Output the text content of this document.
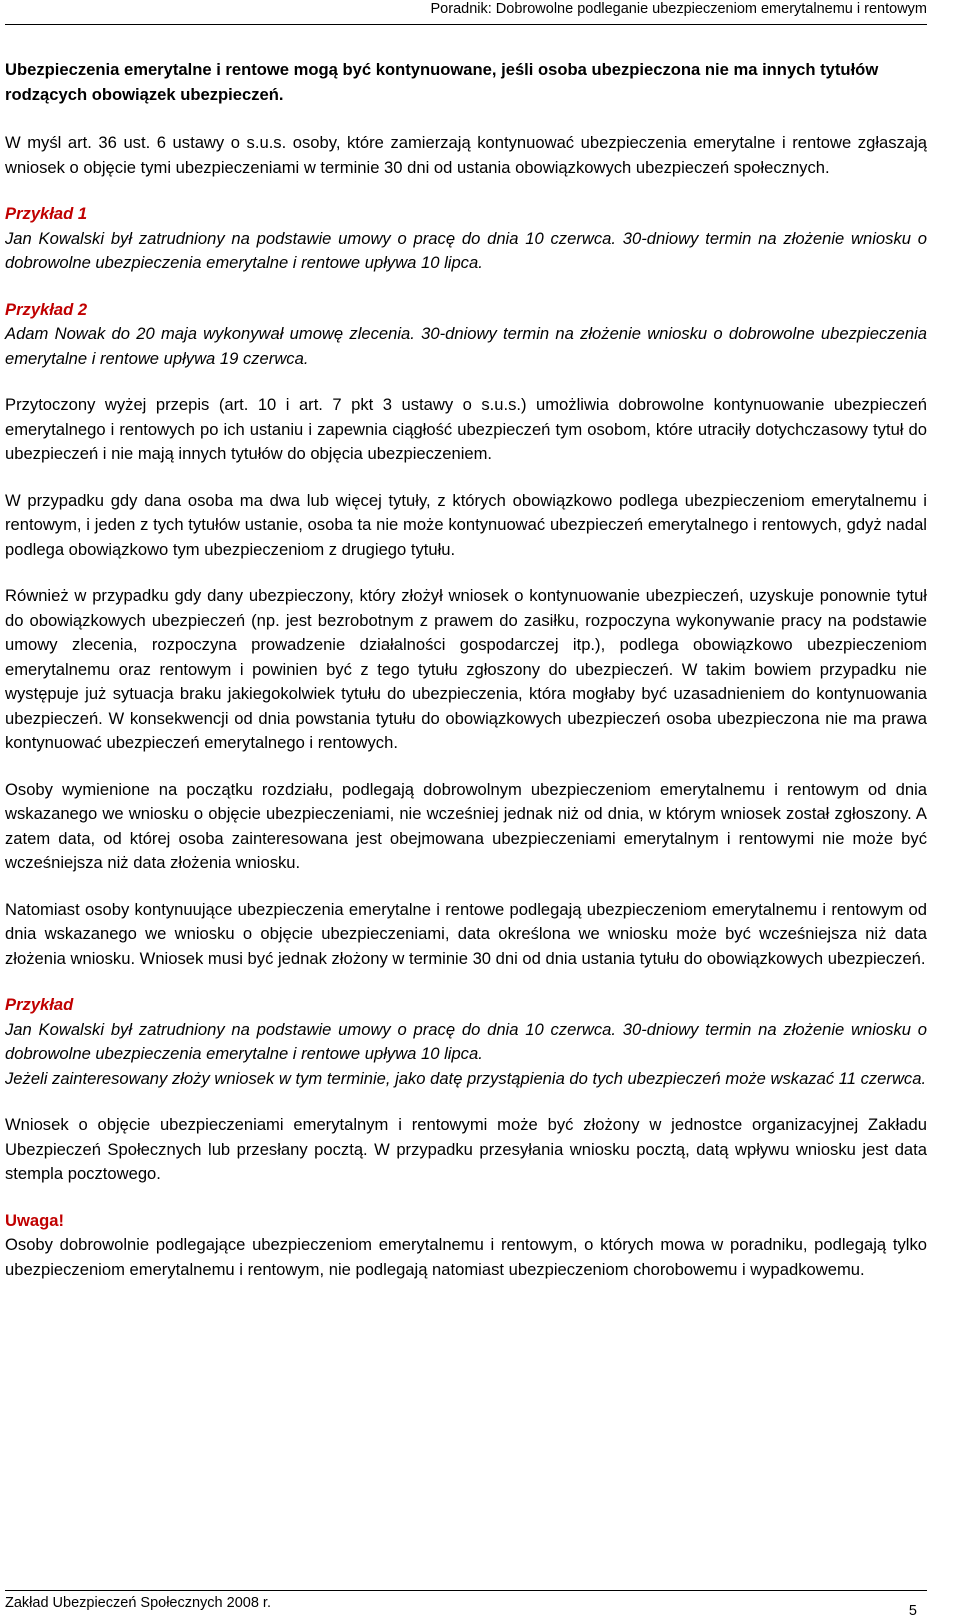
Poradnik: Dobrowolne podleganie ubezpieczeniom emerytalnemu i rentowym

Ubezpieczenia emerytalne i rentowe mogą być kontynuowane, jeśli osoba ubezpieczona nie ma innych tytułów rodzących obowiązek ubezpieczeń.

W myśl art. 36 ust. 6 ustawy o s.u.s. osoby, które zamierzają kontynuować ubezpieczenia emerytalne i rentowe zgłaszają wniosek o objęcie tymi ubezpieczeniami w terminie 30 dni od ustania obowiązkowych ubezpieczeń społecznych.

Przykład 1
Jan Kowalski był zatrudniony na podstawie umowy o pracę do dnia 10 czerwca. 30-dniowy termin na złożenie wniosku o dobrowolne ubezpieczenia emerytalne i rentowe upływa 10 lipca.
Przykład 2
Adam Nowak do 20 maja wykonywał umowę zlecenia. 30-dniowy termin na złożenie wniosku o dobrowolne ubezpieczenia emerytalne i rentowe upływa 19 czerwca.

Przytoczony wyżej przepis (art. 10 i art. 7 pkt 3 ustawy o s.u.s.) umożliwia dobrowolne kontynuowanie ubezpieczeń emerytalnego i rentowych po ich ustaniu i zapewnia ciągłość ubezpieczeń tym osobom, które utraciły dotychczasowy tytuł do ubezpieczeń i nie mają innych tytułów do objęcia ubezpieczeniem.

W przypadku gdy dana osoba ma dwa lub więcej tytuły, z których obowiązkowo podlega ubezpieczeniom emerytalnemu i rentowym, i jeden z tych tytułów ustanie, osoba ta nie może kontynuować ubezpieczeń emerytalnego i rentowych, gdyż nadal podlega obowiązkowo tym ubezpieczeniom z drugiego tytułu.

Również w przypadku gdy dany ubezpieczony, który złożył wniosek o kontynuowanie ubezpieczeń, uzyskuje ponownie tytuł do obowiązkowych ubezpieczeń (np. jest bezrobotnym z prawem do zasiłku, rozpoczyna wykonywanie pracy na podstawie umowy zlecenia, rozpoczyna prowadzenie działalności gospodarczej itp.), podlega obowiązkowo ubezpieczeniom emerytalnemu oraz rentowym i powinien być z tego tytułu zgłoszony do ubezpieczeń. W takim bowiem przypadku nie występuje już sytuacja braku jakiegokolwiek tytułu do ubezpieczenia, która mogłaby być uzasadnieniem do kontynuowania ubezpieczeń. W konsekwencji od dnia powstania tytułu do obowiązkowych ubezpieczeń osoba ubezpieczona nie ma prawa kontynuować ubezpieczeń emerytalnego i rentowych.

Osoby wymienione na początku rozdziału, podlegają dobrowolnym ubezpieczeniom emerytalnemu i rentowym od dnia wskazanego we wniosku o objęcie ubezpieczeniami, nie wcześniej jednak niż od dnia, w którym wniosek został zgłoszony. A zatem data, od której osoba zainteresowana jest obejmowana ubezpieczeniami emerytalnym i rentowymi nie może być wcześniejsza niż data złożenia wniosku.

Natomiast osoby kontynuujące ubezpieczenia emerytalne i rentowe podlegają ubezpieczeniom emerytalnemu i rentowym od dnia wskazanego we wniosku o objęcie ubezpieczeniami, data określona we wniosku może być wcześniejsza niż data złożenia wniosku. Wniosek musi być jednak złożony w terminie 30 dni od dnia ustania tytułu do obowiązkowych ubezpieczeń.

Przykład
Jan Kowalski był zatrudniony na podstawie umowy o pracę do dnia 10 czerwca. 30-dniowy termin na złożenie wniosku o dobrowolne ubezpieczenia emerytalne i rentowe upływa 10 lipca.
Jeżeli zainteresowany złoży wniosek w tym terminie, jako datę przystąpienia do tych ubezpieczeń może wskazać 11 czerwca.

Wniosek o objęcie ubezpieczeniami emerytalnym i rentowymi może być złożony w jednostce organizacyjnej Zakładu Ubezpieczeń Społecznych lub przesłany pocztą. W przypadku przesyłania wniosku pocztą, datą wpływu wniosku jest data stempla pocztowego.

Uwaga!

Osoby dobrowolnie podlegające ubezpieczeniom emerytalnemu i rentowym, o których mowa w poradniku, podlegają tylko ubezpieczeniom emerytalnemu i rentowym, nie podlegają natomiast ubezpieczeniom chorobowemu i wypadkowemu.

Zakład Ubezpieczeń Społecznych 2008 r.	5
